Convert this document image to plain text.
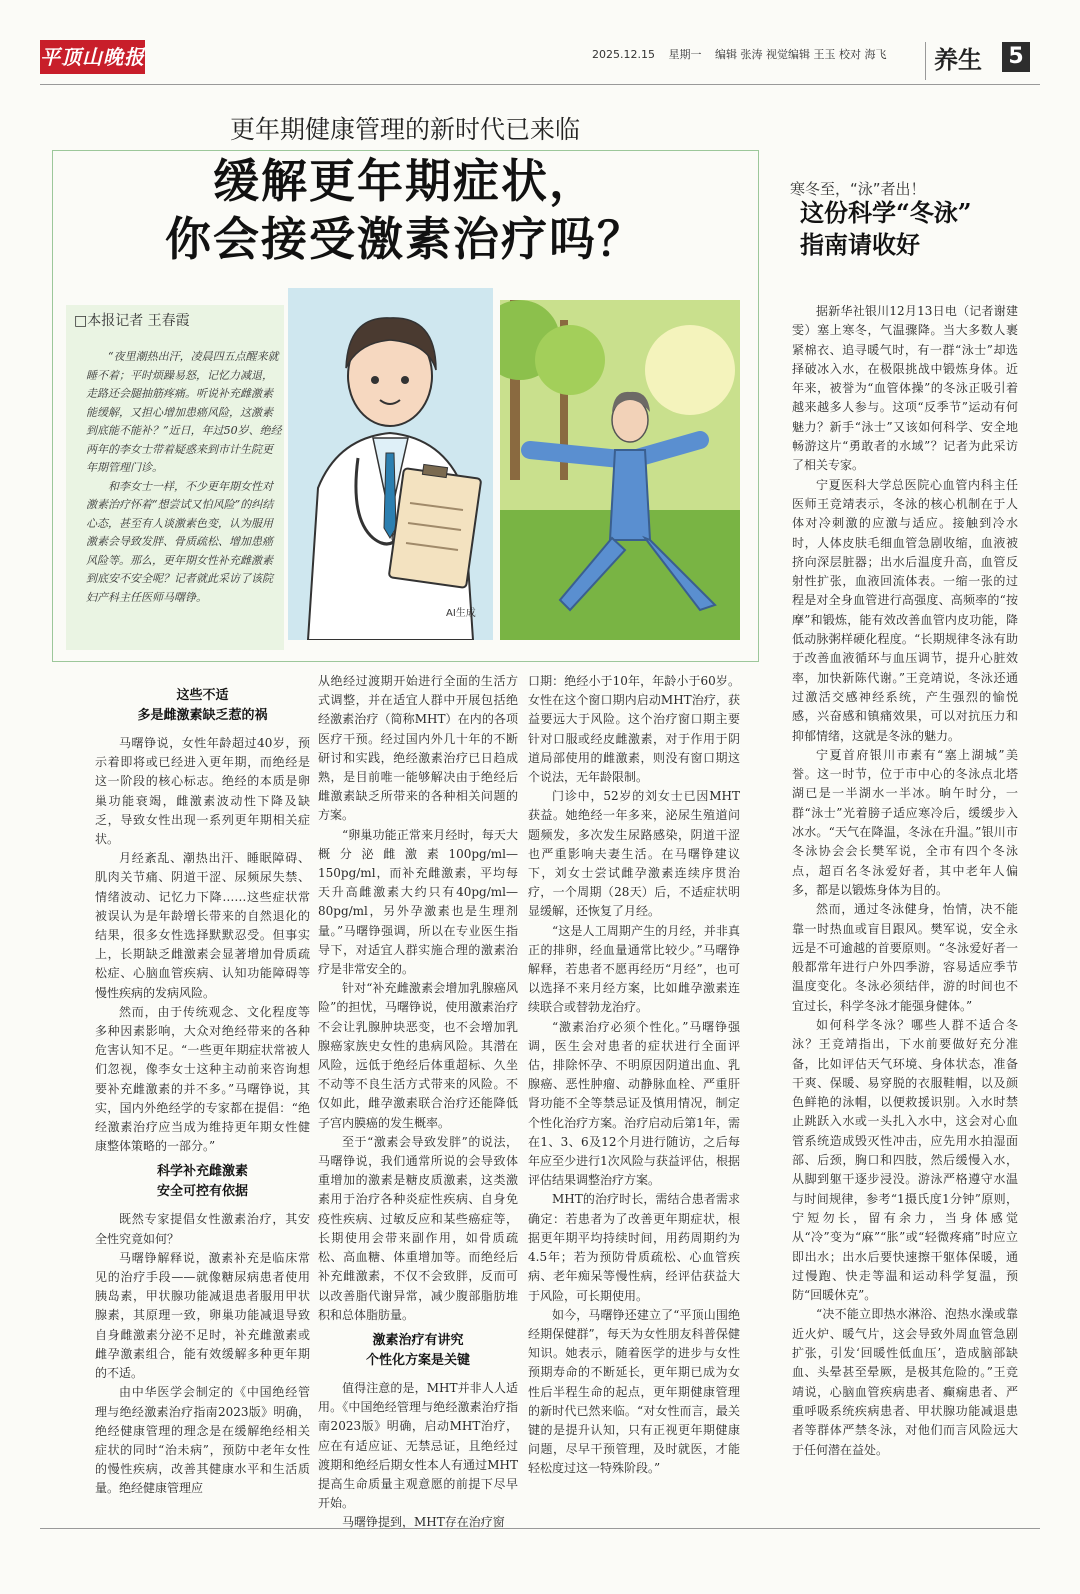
平顶山晚报	2025.12.15 星期一 编辑 张涛 视觉编辑 王玉 校对 海飞	养生 5
更年期健康管理的新时代已来临
缓解更年期症状，
你会接受激素治疗吗？
□本报记者 王春霞

“夜里潮热出汗，凌晨四五点醒来就睡不着；平时烦躁易怒，记忆力减退，走路还会腿抽筋疼痛。听说补充雌激素能缓解，又担心增加患癌风险，这激素到底能不能补？”近日，年过50岁、绝经两年的李女士带着疑惑来到市计生院更年期管理门诊。

和李女士一样，不少更年期女性对激素治疗怀着“想尝试又怕风险”的纠结心态，甚至有人谈激素色变，认为服用激素会导致发胖、骨质疏松、增加患癌风险等。那么，更年期女性补充雌激素到底安不安全呢？记者就此采访了该院妇产科主任医师马曙铮。

AI生成
这些不适
多是雌激素缺乏惹的祸

马曙铮说，女性年龄超过40岁，预示着即将或已经进入更年期，而绝经是这一阶段的核心标志。绝经的本质是卵巢功能衰竭，雌激素波动性下降及缺乏，导致女性出现一系列更年期相关症状。

月经紊乱、潮热出汗、睡眠障碍、肌肉关节痛、阴道干涩、尿频尿失禁、情绪波动、记忆力下降……这些症状常被误认为是年龄增长带来的自然退化的结果，很多女性选择默默忍受。但事实上，长期缺乏雌激素会显著增加骨质疏松症、心脑血管疾病、认知功能障碍等慢性疾病的发病风险。

然而，由于传统观念、文化程度等多种因素影响，大众对绝经带来的各种危害认知不足。“一些更年期症状常被人们忽视，像李女士这种主动前来咨询想要补充雌激素的并不多。”马曙铮说，其实，国内外绝经学的专家都在提倡：“绝经激素治疗应当成为维持更年期女性健康整体策略的一部分。”

科学补充雌激素
安全可控有依据

既然专家提倡女性激素治疗，其安全性究竟如何？

马曙铮解释说，激素补充是临床常见的治疗手段——就像糖尿病患者使用胰岛素，甲状腺功能减退患者服用甲状腺素，其原理一致，卵巢功能减退导致自身雌激素分泌不足时，补充雌激素或雌孕激素组合，能有效缓解多种更年期的不适。

由中华医学会制定的《中国绝经管理与绝经激素治疗指南2023版》明确，绝经健康管理的理念是在缓解绝经相关症状的同时“治未病”，预防中老年女性的慢性疾病，改善其健康水平和生活质量。绝经健康管理应

从绝经过渡期开始进行全面的生活方式调整，并在适宜人群中开展包括绝经激素治疗（简称MHT）在内的各项医疗干预。经过国内外几十年的不断研讨和实践，绝经激素治疗已日趋成熟，是目前唯一能够解决由于绝经后雌激素缺乏所带来的各种相关问题的方案。

“卵巢功能正常来月经时，每天大概分泌雌激素100pg/ml—150pg/ml，而补充雌激素，平均每天升高雌激素大约只有40pg/ml—80pg/ml，另外孕激素也是生理剂量。”马曙铮强调，所以在专业医生指导下，对适宜人群实施合理的激素治疗是非常安全的。

针对“补充雌激素会增加乳腺癌风险”的担忧，马曙铮说，使用激素治疗不会让乳腺肿块恶变，也不会增加乳腺癌家族史女性的患病风险。其潜在风险，远低于绝经后体重超标、久坐不动等不良生活方式带来的风险。不仅如此，雌孕激素联合治疗还能降低子宫内膜癌的发生概率。

至于“激素会导致发胖”的说法，马曙铮说，我们通常所说的会导致体重增加的激素是糖皮质激素，这类激素用于治疗各种炎症性疾病、自身免疫性疾病、过敏反应和某些癌症等，长期使用会带来副作用，如骨质疏松、高血糖、体重增加等。而绝经后补充雌激素，不仅不会致胖，反而可以改善脂代谢异常，减少腹部脂肪堆积和总体脂肪量。

激素治疗有讲究
个性化方案是关键

值得注意的是，MHT并非人人适用。《中国绝经管理与绝经激素治疗指南2023版》明确，启动MHT治疗，应在有适应证、无禁忌证，且绝经过渡期和绝经后期女性本人有通过MHT提高生命质量主观意愿的前提下尽早开始。

马曙铮提到，MHT存在治疗窗

口期：绝经小于10年，年龄小于60岁。女性在这个窗口期内启动MHT治疗，获益要远大于风险。这个治疗窗口期主要针对口服或经皮雌激素，对于作用于阴道局部使用的雌激素，则没有窗口期这个说法，无年龄限制。

门诊中，52岁的刘女士已因MHT获益。她绝经一年多来，泌尿生殖道问题频发，多次发生尿路感染，阴道干涩也严重影响夫妻生活。在马曙铮建议下，刘女士尝试雌孕激素连续序贯治疗，一个周期（28天）后，不适症状明显缓解，还恢复了月经。

“这是人工周期产生的月经，并非真正的排卵，经血量通常比较少。”马曙铮解释，若患者不愿再经历“月经”，也可以选择不来月经方案，比如雌孕激素连续联合或替勃龙治疗。

“激素治疗必须个性化。”马曙铮强调，医生会对患者的症状进行全面评估，排除怀孕、不明原因阴道出血、乳腺癌、恶性肿瘤、动静脉血栓、严重肝肾功能不全等禁忌证及慎用情况，制定个性化治疗方案。治疗启动后第1年，需在1、3、6及12个月进行随访，之后每年应至少进行1次风险与获益评估，根据评估结果调整治疗方案。

MHT的治疗时长，需结合患者需求确定：若患者为了改善更年期症状，根据更年期平均持续时间，用药周期约为4.5年；若为预防骨质疏松、心血管疾病、老年痴呆等慢性病，经评估获益大于风险，可长期使用。

如今，马曙铮还建立了“平顶山围绝经期保健群”，每天为女性朋友科普保健知识。她表示，随着医学的进步与女性预期寿命的不断延长，更年期已成为女性后半程生命的起点，更年期健康管理的新时代已然来临。“对女性而言，最关键的是提升认知，只有正视更年期健康问题，尽早干预管理，及时就医，才能轻松度过这一特殊阶段。”

寒冬至，“泳”者出！
这份科学“冬泳”
指南请收好

据新华社银川12月13日电（记者谢建雯）塞上寒冬，气温骤降。当大多数人裹紧棉衣、追寻暖气时，有一群“泳士”却选择破冰入水，在极限挑战中锻炼身体。近年来，被誉为“血管体操”的冬泳正吸引着越来越多人参与。这项“反季节”运动有何魅力？新手“泳士”又该如何科学、安全地畅游这片“勇敢者的水域”？记者为此采访了相关专家。

宁夏医科大学总医院心血管内科主任医师王竞靖表示，冬泳的核心机制在于人体对冷刺激的应激与适应。接触到冷水时，人体皮肤毛细血管急剧收缩，血液被挤向深层脏器；出水后温度升高，血管反射性扩张，血液回流体表。一缩一张的过程是对全身血管进行高强度、高频率的“按摩”和锻炼，能有效改善血管内皮功能，降低动脉粥样硬化程度。“长期规律冬泳有助于改善血液循环与血压调节，提升心脏效率，加快新陈代谢。”王竞靖说，冬泳还通过激活交感神经系统，产生强烈的愉悦感，兴奋感和镇痛效果，可以对抗压力和抑郁情绪，这就是冬泳的魅力。

宁夏首府银川市素有“塞上湖城”美誉。这一时节，位于市中心的冬泳点北塔湖已是一半湖水一半冰。晌午时分，一群“泳士”光着膀子适应寒冷后，缓缓步入冰水。“天气在降温，冬泳在升温。”银川市冬泳协会会长樊军说，全市有四个冬泳点，超百名冬泳爱好者，其中老年人偏多，都是以锻炼身体为目的。

然而，通过冬泳健身，怡情，决不能靠一时热血或盲目跟风。樊军说，安全永远是不可逾越的首要原则。“冬泳爱好者一般都常年进行户外四季游，容易适应季节温度变化。冬泳必须结伴，游的时间也不宜过长，科学冬泳才能强身健体。”

如何科学冬泳？哪些人群不适合冬泳？王竞靖指出，下水前要做好充分准备，比如评估天气环境、身体状态，准备干爽、保暖、易穿脱的衣服鞋帽，以及颜色鲜艳的泳帽，以便救援识别。入水时禁止跳跃入水或一头扎入水中，这会对心血管系统造成毁灭性冲击，应先用水拍湿面部、后颈，胸口和四肢，然后缓慢入水，从脚到躯干逐步浸没。游泳严格遵守水温与时间规律，参考“1摄氏度1分钟”原则，宁短勿长，留有余力，当身体感觉从“冷”变为“麻”“胀”或“轻微疼痛”时应立即出水；出水后要快速擦干躯体保暖，通过慢跑、快走等温和运动科学复温，预防“回暖休克”。

“决不能立即热水淋浴、泡热水澡或靠近火炉、暖气片，这会导致外周血管急剧扩张，引发‘回暖性低血压’，造成脑部缺血、头晕甚至晕厥，是极其危险的。”王竞靖说，心脑血管疾病患者、癫痫患者、严重呼吸系统疾病患者、甲状腺功能减退患者等群体严禁冬泳，对他们而言风险远大于任何潜在益处。
